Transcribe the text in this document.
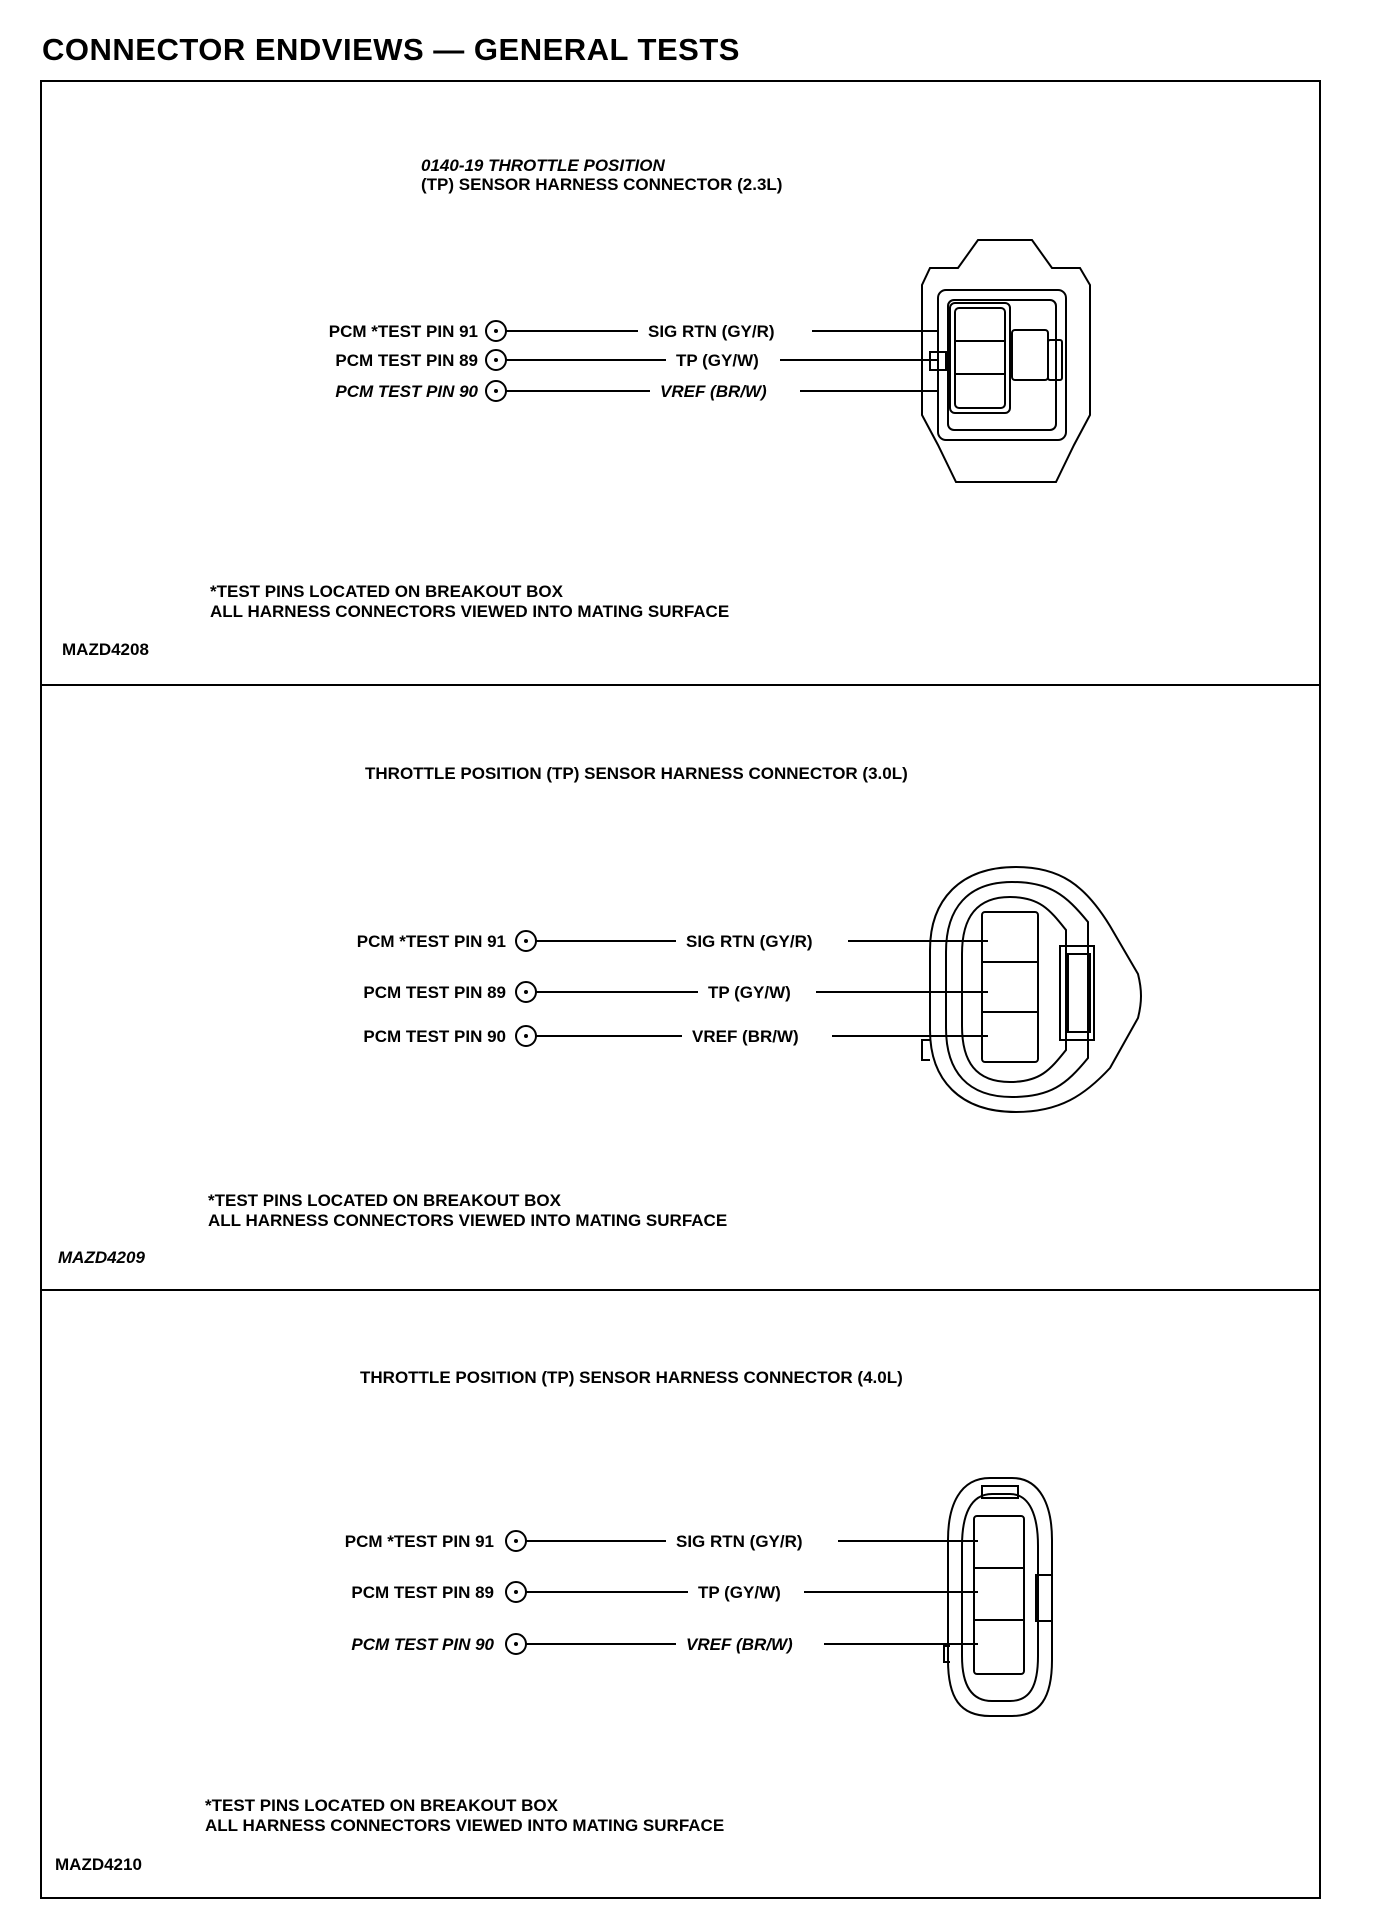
CONNECTOR ENDVIEWS — GENERAL TESTS
0140-19 THROTTLE POSITION
(TP) SENSOR HARNESS CONNECTOR (2.3L)
PCM *TEST PIN 91	SIG RTN (GY/R)
PCM TEST PIN 89	TP (GY/W)
PCM TEST PIN 90	VREF (BR/W)
*TEST PINS LOCATED ON BREAKOUT BOX
ALL HARNESS CONNECTORS VIEWED INTO MATING SURFACE
MAZD4208
THROTTLE POSITION (TP) SENSOR HARNESS CONNECTOR (3.0L)
PCM *TEST PIN 91	SIG RTN (GY/R)
PCM TEST PIN 89	TP (GY/W)
PCM TEST PIN 90	VREF (BR/W)
*TEST PINS LOCATED ON BREAKOUT BOX
ALL HARNESS CONNECTORS VIEWED INTO MATING SURFACE
MAZD4209
THROTTLE POSITION (TP) SENSOR HARNESS CONNECTOR (4.0L)
PCM *TEST PIN 91	SIG RTN (GY/R)
PCM TEST PIN 89	TP (GY/W)
PCM TEST PIN 90	VREF (BR/W)
*TEST PINS LOCATED ON BREAKOUT BOX
ALL HARNESS CONNECTORS VIEWED INTO MATING SURFACE
MAZD4210
